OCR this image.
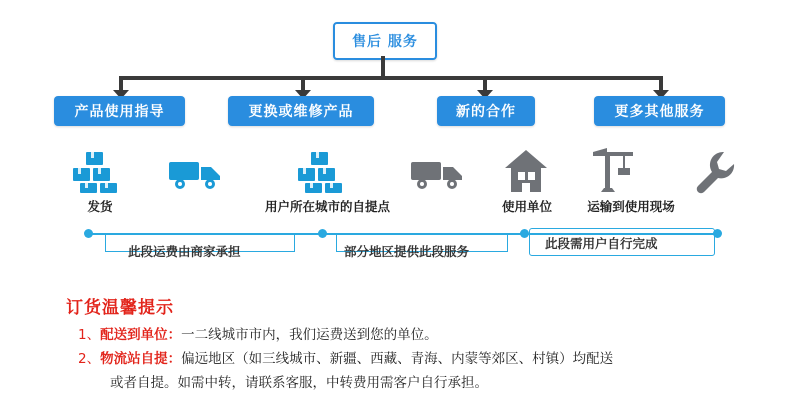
售后 服务
产品使用指导	更换或维修产品	新的合作	更多其他服务
发货	用户所在城市的自提点	使用单位	运输到使用现场
此段运费由商家承担	部分地区提供此段服务
此段需用户自行完成
订货温馨提示
1、配送到单位：一二线城市市内，我们运费送到您的单位。
2、物流站自提：偏远地区（如三线城市、新疆、西藏、青海、内蒙等郊区、村镇）均配送
或者自提。如需中转，请联系客服，中转费用需客户自行承担。
